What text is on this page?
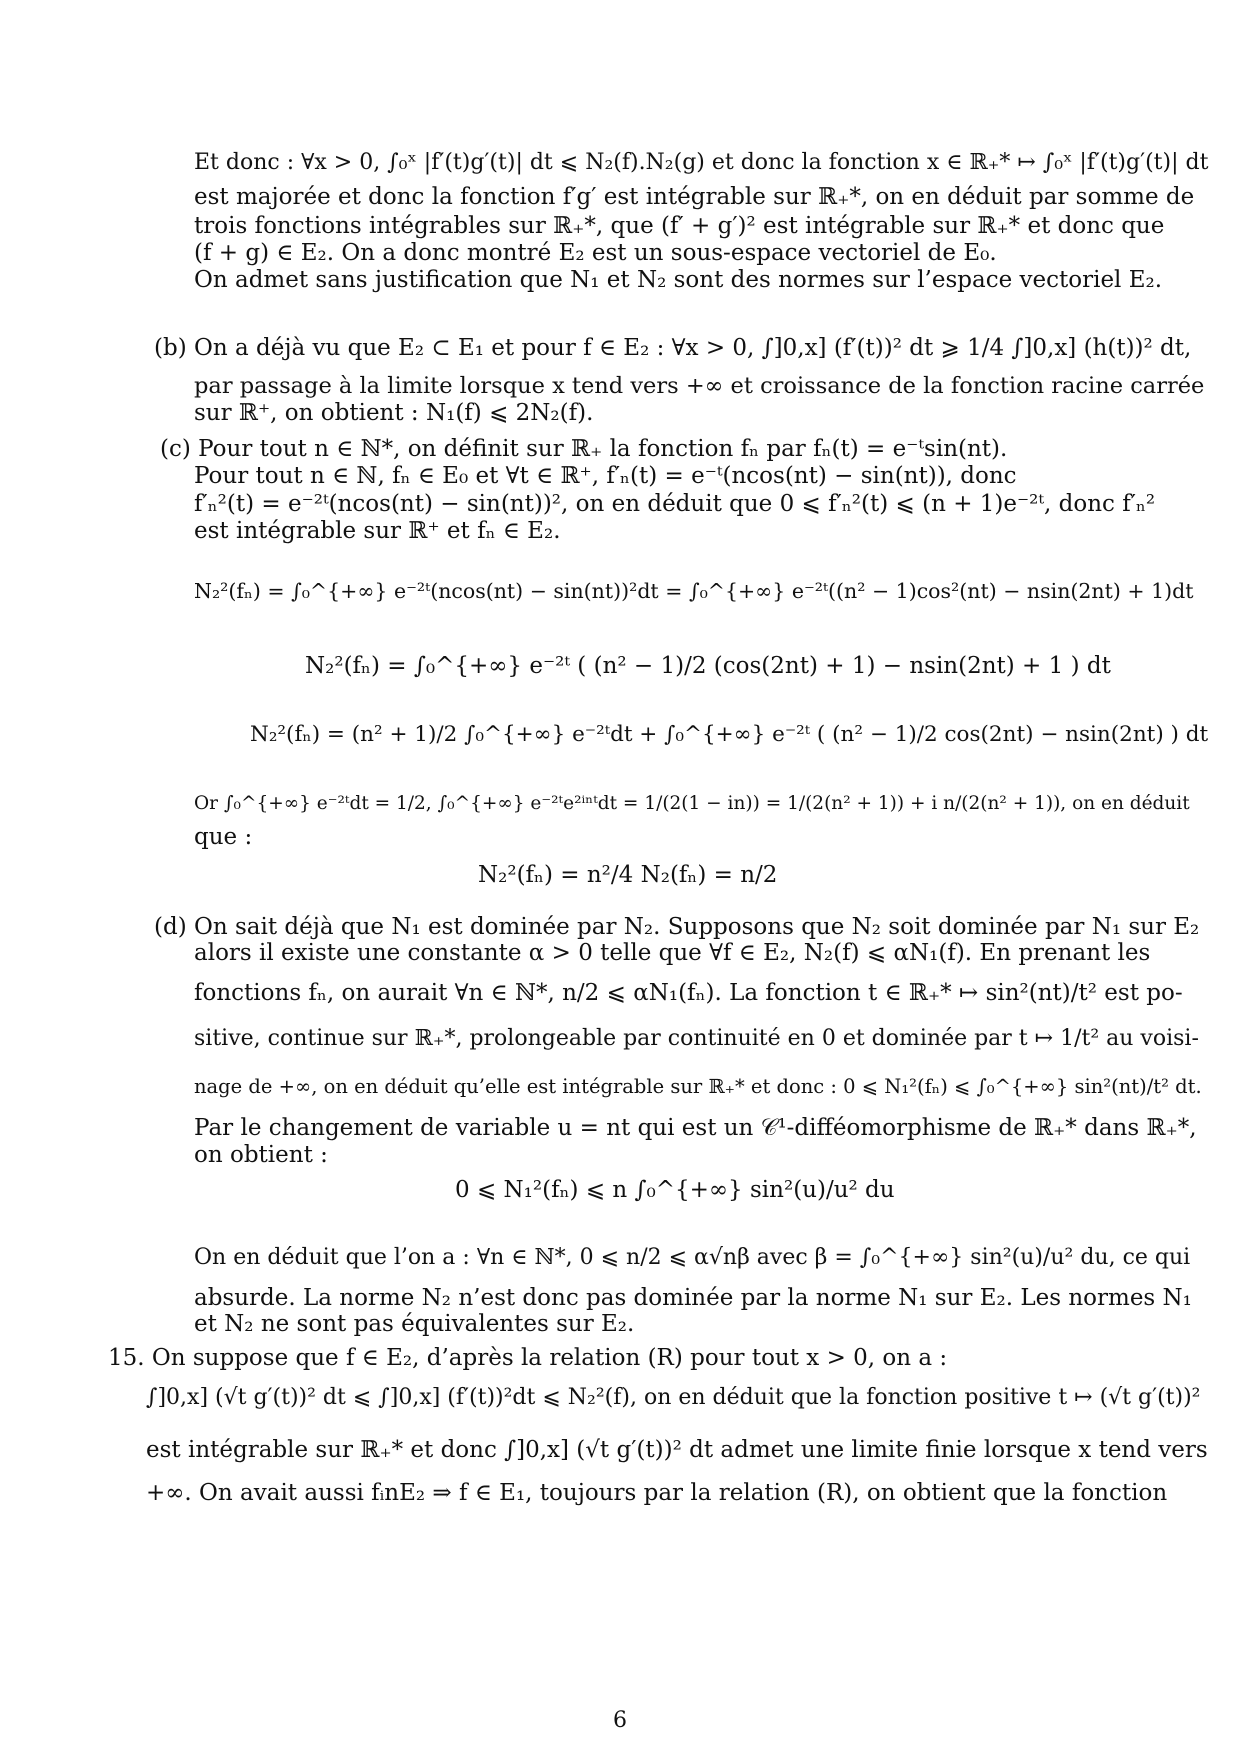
Et donc : ∀x > 0, ∫₀ˣ |f′(t)g′(t)| dt ⩽ N₂(f).N₂(g) et donc la fonction x ∈ ℝ₊* ↦ ∫₀ˣ |f′(t)g′(t)| dt
est majorée et donc la fonction f′g′ est intégrable sur ℝ₊*, on en déduit par somme de
trois fonctions intégrables sur ℝ₊*, que (f′ + g′)² est intégrable sur ℝ₊* et donc que
(f + g) ∈ E₂. On a donc montré E₂ est un sous-espace vectoriel de E₀.
On admet sans justification que N₁ et N₂ sont des normes sur l’espace vectoriel E₂.
(b) On a déjà vu que E₂ ⊂ E₁ et pour f ∈ E₂ : ∀x > 0, ∫]0,x] (f′(t))² dt ⩾ 1/4 ∫]0,x] (h(t))² dt,
par passage à la limite lorsque x tend vers +∞ et croissance de la fonction racine carrée
sur ℝ⁺, on obtient : N₁(f) ⩽ 2N₂(f).
(c) Pour tout n ∈ ℕ*, on définit sur ℝ₊ la fonction fₙ par fₙ(t) = e⁻ᵗsin(nt).
Pour tout n ∈ ℕ, fₙ ∈ E₀ et ∀t ∈ ℝ⁺, f′ₙ(t) = e⁻ᵗ(ncos(nt) − sin(nt)), donc
f′ₙ²(t) = e⁻²ᵗ(ncos(nt) − sin(nt))², on en déduit que 0 ⩽ f′ₙ²(t) ⩽ (n + 1)e⁻²ᵗ, donc f′ₙ²
est intégrable sur ℝ⁺ et fₙ ∈ E₂.
N₂²(fₙ) = ∫₀^{+∞} e⁻²ᵗ(ncos(nt) − sin(nt))²dt = ∫₀^{+∞} e⁻²ᵗ((n² − 1)cos²(nt) − nsin(2nt) + 1)dt
N₂²(fₙ) = ∫₀^{+∞} e⁻²ᵗ ( (n² − 1)/2 (cos(2nt) + 1) − nsin(2nt) + 1 ) dt
N₂²(fₙ) = (n² + 1)/2 ∫₀^{+∞} e⁻²ᵗdt + ∫₀^{+∞} e⁻²ᵗ ( (n² − 1)/2 cos(2nt) − nsin(2nt) ) dt
Or ∫₀^{+∞} e⁻²ᵗdt = 1/2, ∫₀^{+∞} e⁻²ᵗe²ⁱⁿᵗdt = 1/(2(1 − in)) = 1/(2(n² + 1)) + i n/(2(n² + 1)), on en déduit
que :
N₂²(fₙ) = n²/4 N₂(fₙ) = n/2
(d) On sait déjà que N₁ est dominée par N₂. Supposons que N₂ soit dominée par N₁ sur E₂
alors il existe une constante α > 0 telle que ∀f ∈ E₂, N₂(f) ⩽ αN₁(f). En prenant les
fonctions fₙ, on aurait ∀n ∈ ℕ*, n/2 ⩽ αN₁(fₙ). La fonction t ∈ ℝ₊* ↦ sin²(nt)/t² est po-
sitive, continue sur ℝ₊*, prolongeable par continuité en 0 et dominée par t ↦ 1/t² au voisi-
nage de +∞, on en déduit qu’elle est intégrable sur ℝ₊* et donc : 0 ⩽ N₁²(fₙ) ⩽ ∫₀^{+∞} sin²(nt)/t² dt.
Par le changement de variable u = nt qui est un 𝒞¹-difféomorphisme de ℝ₊* dans ℝ₊*,
on obtient :
0 ⩽ N₁²(fₙ) ⩽ n ∫₀^{+∞} sin²(u)/u² du
On en déduit que l’on a : ∀n ∈ ℕ*, 0 ⩽ n/2 ⩽ α√nβ avec β = ∫₀^{+∞} sin²(u)/u² du, ce qui
absurde. La norme N₂ n’est donc pas dominée par la norme N₁ sur E₂. Les normes N₁
et N₂ ne sont pas équivalentes sur E₂.
15. On suppose que f ∈ E₂, d’après la relation (R) pour tout x > 0, on a :
∫]0,x] (√t g′(t))² dt ⩽ ∫]0,x] (f′(t))²dt ⩽ N₂²(f), on en déduit que la fonction positive t ↦ (√t g′(t))²
est intégrable sur ℝ₊* et donc ∫]0,x] (√t g′(t))² dt admet une limite finie lorsque x tend vers
+∞. On avait aussi fᵢnE₂ ⇒ f ∈ E₁, toujours par la relation (R), on obtient que la fonction
6
